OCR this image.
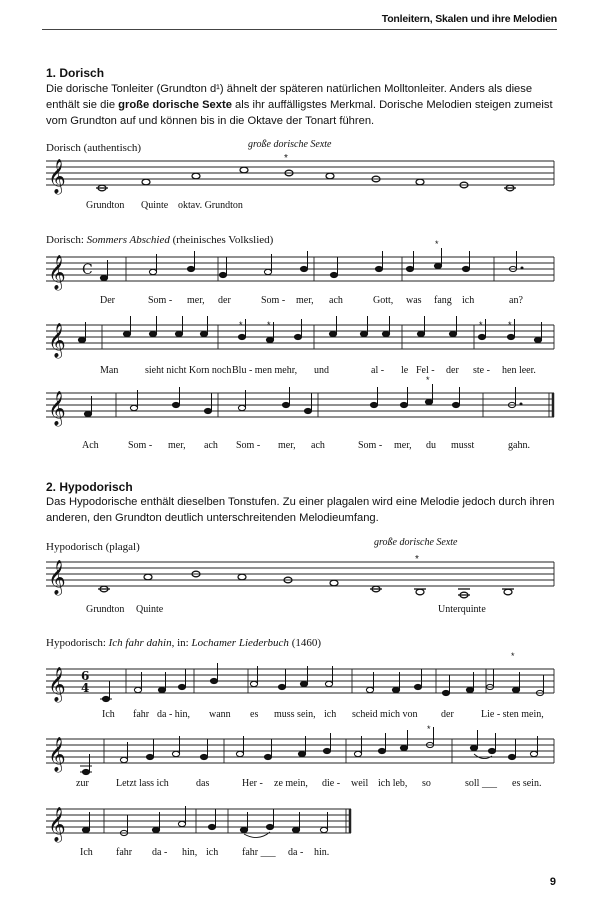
Tonleitern, Skalen und ihre Melodien
1. Dorisch
Die dorische Tonleiter (Grundton d¹) ähnelt der späteren natürlichen Molltonleiter. Anders als diese enthält sie die große dorische Sexte als ihr auffälligstes Merkmal. Dorische Melodien steigen zumeist vom Grundton auf und können bis in die Oktave der Tonart führen.
Dorisch (authentisch)	große dorische Sexte
𝄞
*
Grundton Quinte oktav. Grundton
Dorisch: Sommers Abschied (rheinisches Volkslied)
𝄞 C
*
Der	Som - mer, der	Som - mer, ach	Gott, was fang ich	an?
𝄞	*	*	*	*
Man	sieht nicht Korn noch Blu - men mehr, und	al - le Fel - der ste - hen leer.
𝄞
*
Ach	Som - mer, ach Som - mer, ach	Som - mer, du musst	gahn.
2. Hypodorisch
Das Hypodorische enthält dieselben Tonstufen. Zu einer plagalen wird eine Melodie jedoch durch ihren anderen, den Grundton deutlich unterschreitenden Melodieumfang.
Hypodorisch (plagal)	große dorische Sexte
𝄞
*
Grundton Quinte	Unterquinte
Hypodorisch: Ich fahr dahin, in: Lochamer Liederbuch (1460)
𝄞 6
4
*
Ich fahr da - hin, wann es muss sein, ich scheid mich von der	Lie - sten mein,
𝄞
*
zur	Letzt lass ich	das	Her - ze mein, die - weil ich leb, so	soll ___ es sein.
𝄞
Ich fahr da - hin, ich fahr ___ da - hin.
9
